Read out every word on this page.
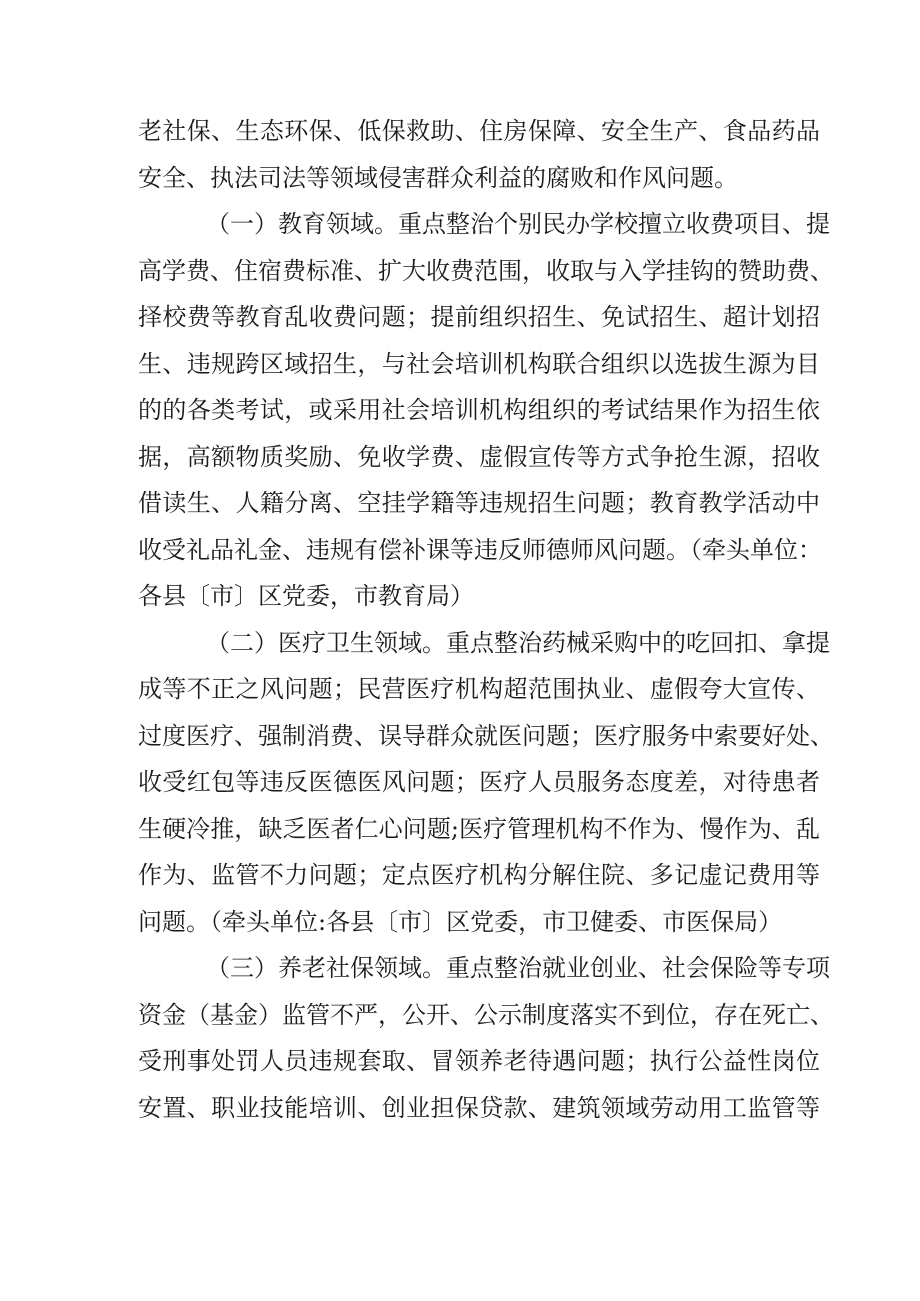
老社保、生态环保、低保救助、住房保障、安全生产、食品药品
安全、执法司法等领域侵害群众利益的腐败和作风问题。
（一）教育领域。重点整治个别民办学校擅立收费项目、提
高学费、住宿费标准、扩大收费范围，收取与入学挂钩的赞助费、
择校费等教育乱收费问题；提前组织招生、免试招生、超计划招
生、违规跨区域招生，与社会培训机构联合组织以选拔生源为目
的的各类考试，或采用社会培训机构组织的考试结果作为招生依
据，高额物质奖励、免收学费、虚假宣传等方式争抢生源，招收
借读生、人籍分离、空挂学籍等违规招生问题；教育教学活动中
收受礼品礼金、违规有偿补课等违反师德师风问题。（牵头单位：
各县〔市〕区党委，市教育局）
（二）医疗卫生领域。重点整治药械采购中的吃回扣、拿提
成等不正之风问题；民营医疗机构超范围执业、虚假夸大宣传、
过度医疗、强制消费、误导群众就医问题；医疗服务中索要好处、
收受红包等违反医德医风问题；医疗人员服务态度差，对待患者
生硬冷推，缺乏医者仁心问题;医疗管理机构不作为、慢作为、乱
作为、监管不力问题；定点医疗机构分解住院、多记虚记费用等
问题。（牵头单位:各县〔市〕区党委，市卫健委、市医保局）
（三）养老社保领域。重点整治就业创业、社会保险等专项
资金（基金）监管不严，公开、公示制度落实不到位，存在死亡、
受刑事处罚人员违规套取、冒领养老待遇问题；执行公益性岗位
安置、职业技能培训、创业担保贷款、建筑领域劳动用工监管等
